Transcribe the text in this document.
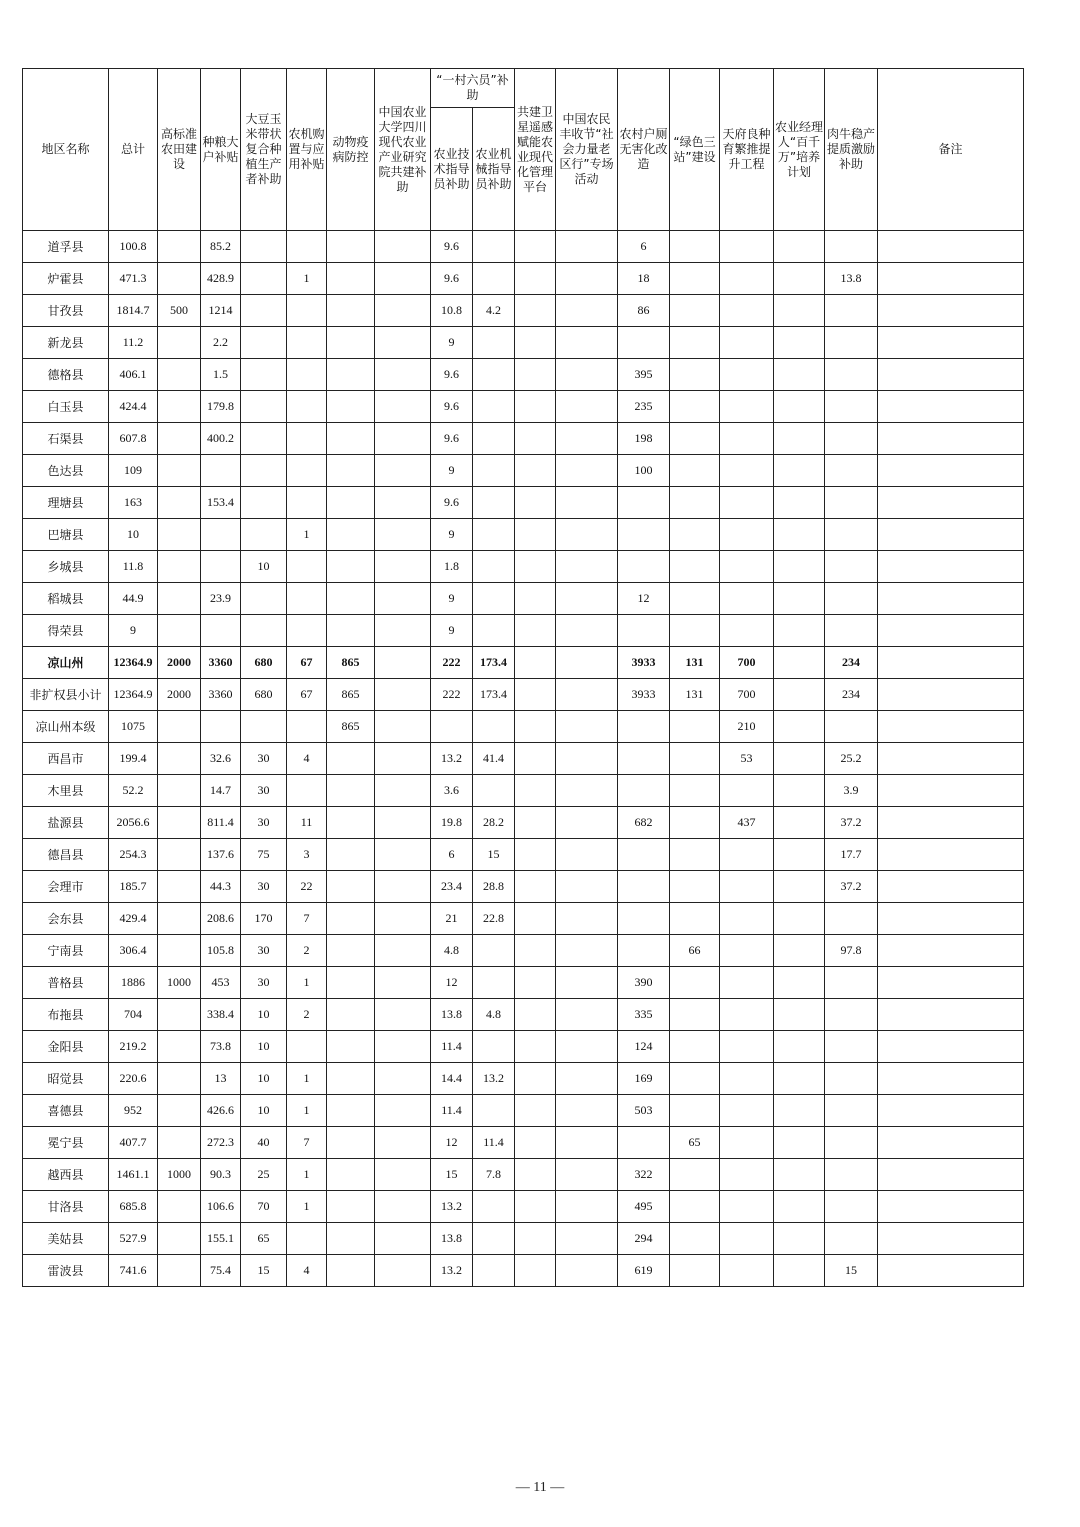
地区名称	总计	高标准农田建设	种粮大户补贴	大豆玉米带状复合种植生产者补助	农机购置与应用补贴	动物疫病防控	中国农业大学四川现代农业产业研究院共建补助	“一村六员”补助		共建卫星遥感赋能农业现代化管理平台	中国农民丰收节“社会力量老区行”专场活动	农村户厕无害化改造	“绿色三站”建设	天府良种育繁推提升工程	农业经理人“百千万”培养计划	肉牛稳产提质激励补助	备注
								农业技术指导员补助	农业机械指导员补助								
道孚县	100.8		85.2					9.6				6					
炉霍县	471.3		428.9		1			9.6				18				13.8	
甘孜县	1814.7	500	1214					10.8	4.2			86					
新龙县	11.2		2.2					9									
德格县	406.1		1.5					9.6				395					
白玉县	424.4		179.8					9.6				235					
石渠县	607.8		400.2					9.6				198					
色达县	109							9				100					
理塘县	163		153.4					9.6									
巴塘县	10				1			9									
乡城县	11.8			10				1.8									
稻城县	44.9		23.9					9				12					
得荣县	9							9									
凉山州	12364.9	2000	3360	680	67	865		222	173.4			3933	131	700		234	
非扩权县小计	12364.9	2000	3360	680	67	865		222	173.4			3933	131	700		234	
凉山州本级	1075					865								210			
西昌市	199.4		32.6	30	4			13.2	41.4					53		25.2	
木里县	52.2		14.7	30				3.6								3.9	
盐源县	2056.6		811.4	30	11			19.8	28.2			682		437		37.2	
德昌县	254.3		137.6	75	3			6	15							17.7	
会理市	185.7		44.3	30	22			23.4	28.8							37.2	
会东县	429.4		208.6	170	7			21	22.8								
宁南县	306.4		105.8	30	2			4.8					66			97.8	
普格县	1886	1000	453	30	1			12				390					
布拖县	704		338.4	10	2			13.8	4.8			335					
金阳县	219.2		73.8	10				11.4				124					
昭觉县	220.6		13	10	1			14.4	13.2			169					
喜德县	952		426.6	10	1			11.4				503					
冕宁县	407.7		272.3	40	7			12	11.4				65				
越西县	1461.1	1000	90.3	25	1			15	7.8			322					
甘洛县	685.8		106.6	70	1			13.2				495					
美姑县	527.9		155.1	65				13.8				294					
雷波县	741.6		75.4	15	4			13.2				619				15	
— 11 —
